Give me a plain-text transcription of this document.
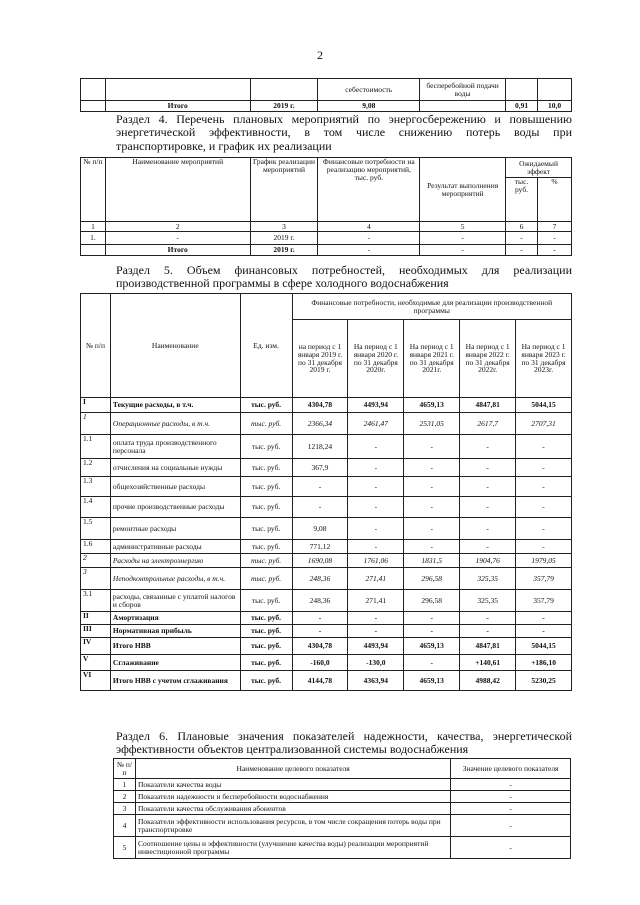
2
			себестоимость	бесперебойной подачи воды		
	Итого	2019 г.	9,08		0,91	10,0
Раздел 4. Перечень плановых мероприятий по энергосбережению и повышению энергетической эффективности, в том числе снижению потерь воды при транспортировке, и график их реализации
№ п/п	Наименование мероприятий	График реализации мероприятий	Финансовые потребности на реализацию мероприятий, тыс. руб.	Результат выполнения мероприятий	Ожидаемый эффект	
					тыс. руб.	%
1	2	3	4	5	6	7
1.	-	2019 г.	-	-	-	-
	Итого	2019 г.	-	-	-	-
Раздел 5. Объем финансовых потребностей, необходимых для реализации производственной программы в сфере холодного водоснабжения
№ п/п	Наименование	Ед. изм.	Финансовые потребности, необходимые для реализации производственной программы				
			на период с 1 января 2019 г. по 31 декабря 2019 г.	На период с 1 января 2020 г. по 31 декабря 2020г.	На период с 1 января 2021 г. по 31 декабря 2021г.	На период с 1 января 2022 г. по 31 декабря 2022г.	На период с 1 января 2023 г. по 31 декабря 2023г.
I	Текущие расходы, в т.ч.	тыс. руб.	4304,78	4493,94	4659,13	4847,81	5044,15
1	Операционные расходы, в т.ч.	тыс. руб.	2366,34	2461,47	2531,05	2617,7	2707,31
1.1	оплата труда производственного персонала	тыс. руб.	1218,24	-	-	-	-
1.2	отчисления на социальные нужды	тыс. руб.	367,9	-	-	-	-
1.3	общехозяйственные расходы	тыс. руб.	-	-	-	-	-
1.4	прочие производственные расходы	тыс. руб.	-	-	-	-	-
1.5	ремонтные расходы	тыс. руб.	9,08	-	-	-	-
1.6	административные расходы	тыс. руб.	771,12	-	-	-	-
2	Расходы на электроэнергию	тыс. руб.	1690,08	1761,06	1831,5	1904,76	1979,05
3	Неподконтрольные расходы, в т.ч.	тыс. руб.	248,36	271,41	296,58	325,35	357,79
3.1	расходы, связанные с уплатой налогов и сборов	тыс. руб.	248,36	271,41	296,58	325,35	357,79
II	Амортизация	тыс. руб.	-	-	-	-	-
III	Нормативная прибыль	тыс. руб.	-	-	-	-	-
IV	Итого НВВ	тыс. руб.	4304,78	4493,94	4659,13	4847,81	5044,15
V	Сглаживание	тыс. руб.	-160,0	-130,0	-	+140,61	+186,10
VI	Итого НВВ с учетом сглаживания	тыс. руб.	4144,78	4363,94	4659,13	4988,42	5230,25
Раздел 6. Плановые значения показателей надежности, качества, энергетической эффективности объектов централизованной системы водоснабжения
№ п/п	Наименование целевого показателя	Значение целевого показателя
1	Показатели качества воды	-
2	Показатели надежности и бесперебойности водоснабжения	-
3	Показатели качества обслуживания абонентов	-
4	Показатели эффективности использования ресурсов, в том числе сокращения потерь воды при транспортировке	-
5	Соотношение цены и эффективности (улучшение качества воды) реализации мероприятий инвестиционной программы	-
